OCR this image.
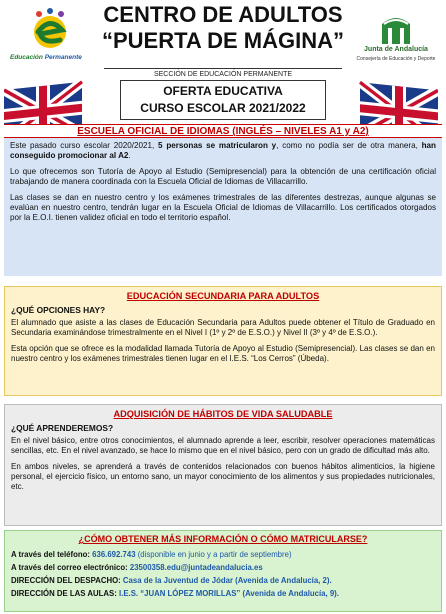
Educación Permanente
CENTRO DE ADULTOS
“PUERTA DE MÁGINA”
SECCIÓN DE EDUCACIÓN PERMANENTE
Junta de Andalucía
Consejería de Educación y Deporte
OFERTA EDUCATIVA
CURSO ESCOLAR 2021/2022
ESCUELA OFICIAL DE IDIOMAS (INGLÉS – NIVELES A1 y A2)

Este pasado curso escolar 2020/2021, 5 personas se matricularon y, como no podía ser de otra manera, han conseguido promocionar al A2.

Lo que ofrecemos son Tutoría de Apoyo al Estudio (Semipresencial) para la obtención de una certificación oficial trabajando de manera coordinada con la Escuela Oficial de Idiomas de Villacarrillo.

Las clases se dan en nuestro centro y los exámenes trimestrales de las diferentes destrezas, aunque algunas se evalúan en nuestro centro, tendrán lugar en la Escuela Oficial de Idiomas de Villacarrillo. Los certificados otorgados por la E.O.I. tienen validez oficial en todo el territorio español.

EDUCACIÓN SECUNDARIA PARA ADULTOS
¿QUÉ OPCIONES HAY?

El alumnado que asiste a las clases de Educación Secundaria para Adultos puede obtener el Título de Graduado en Secundaria examinándose trimestralmente en el Nivel I (1º y 2º de E.S.O.) y Nivel II (3º y 4º de E.S.O.).

Esta opción que se ofrece es la modalidad llamada Tutoría de Apoyo al Estudio (Semipresencial). Las clases se dan en nuestro centro y los exámenes trimestrales tienen lugar en el I.E.S. “Los Cerros” (Úbeda).

ADQUISICIÓN DE HÁBITOS DE VIDA SALUDABLE
¿QUÉ APRENDEREMOS?

En el nivel básico, entre otros conocimientos, el alumnado aprende a leer, escribir, resolver operaciones matemáticas sencillas, etc. En el nivel avanzado, se hace lo mismo que en el nivel básico, pero con un grado de dificultad más alto.

En ambos niveles, se aprenderá a través de contenidos relacionados con buenos hábitos alimenticios, la higiene personal, el ejercicio físico, un entorno sano, un mayor conocimiento de los alimentos y sus propiedades nutricionales, etc.

¿CÓMO OBTENER MÁS INFORMACIÓN O CÓMO MATRICULARSE?
A través del teléfono: 636.692.743 (disponible en junio y a partir de septiembre)
A través del correo electrónico: 23500358.edu@juntadeandalucia.es
DIRECCIÓN DEL DESPACHO: Casa de la Juventud de Jódar (Avenida de Andalucía, 2).
DIRECCIÓN DE LAS AULAS: I.E.S. “JUAN LÓPEZ MORILLAS” (Avenida de Andalucía, 9).
